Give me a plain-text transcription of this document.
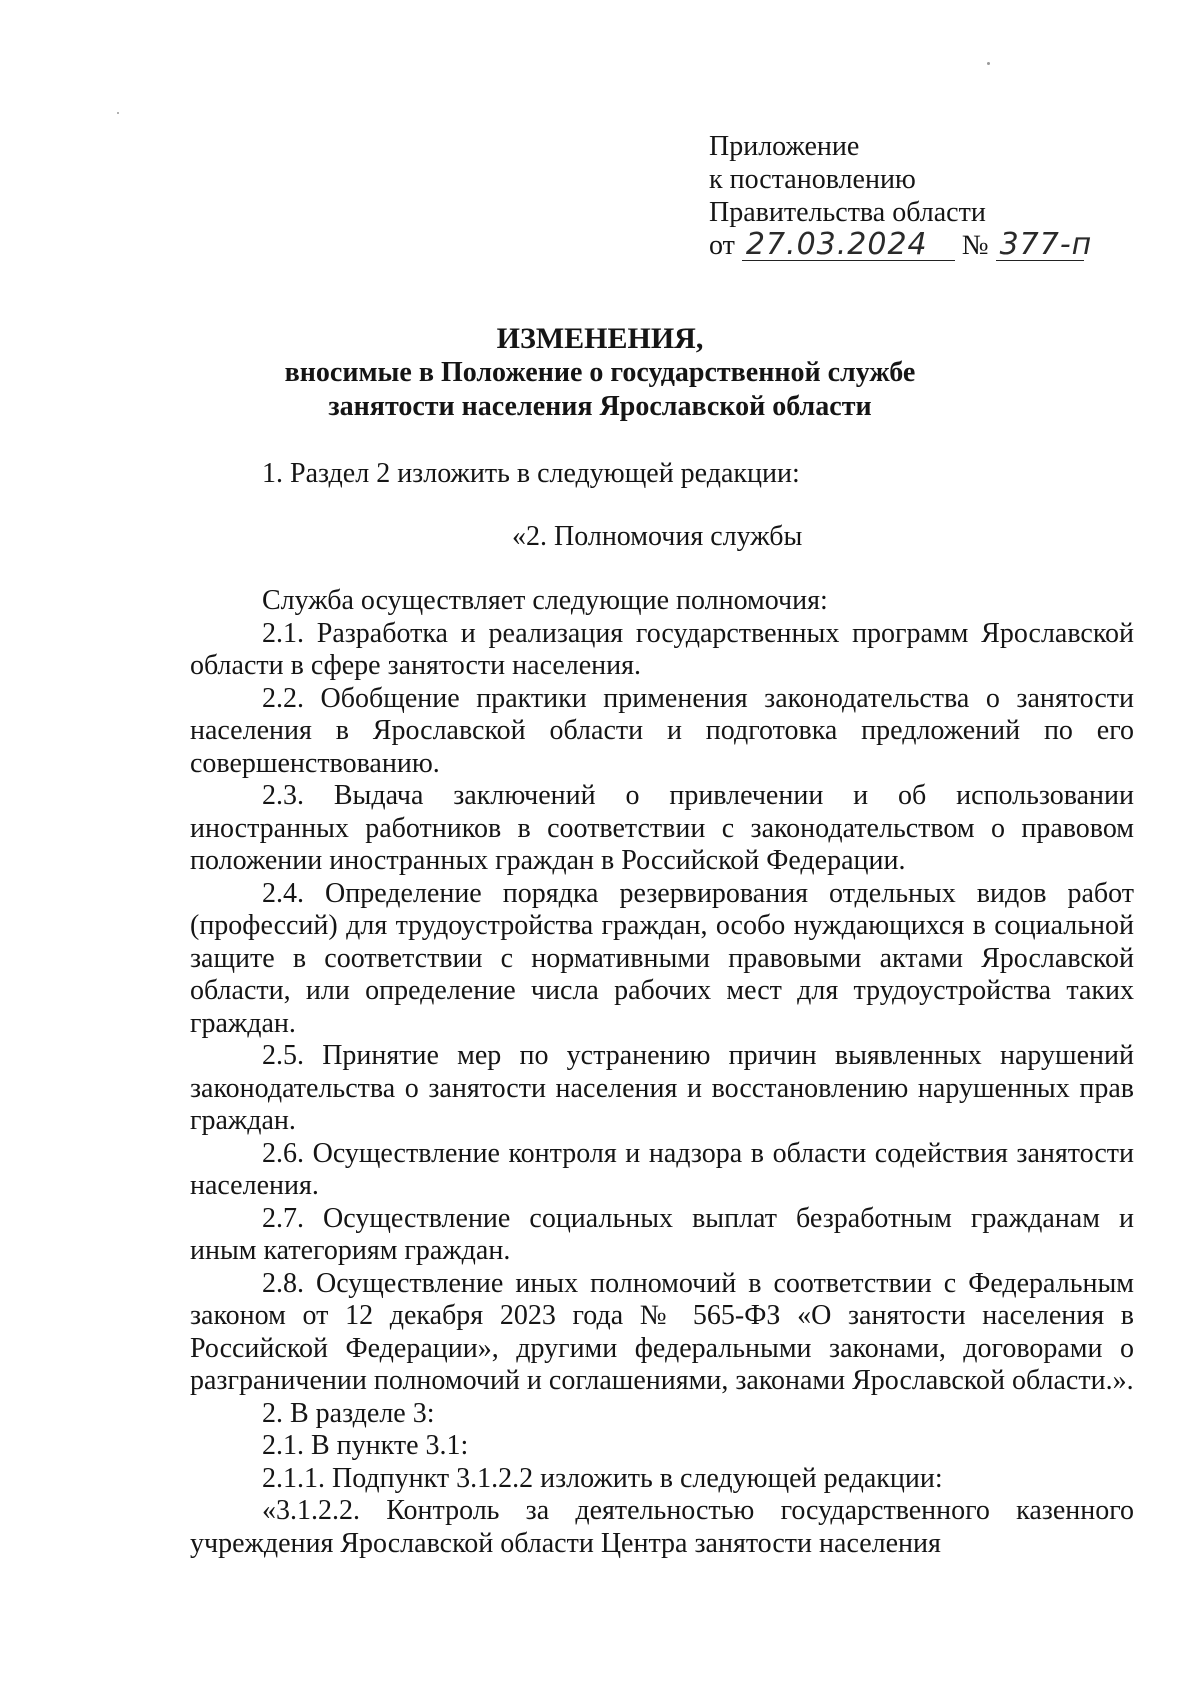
Приложение
к постановлению
Правительства области
от 27.03.2024 № 377-п
ИЗМЕНЕНИЯ,
вносимые в Положение о государственной службе
занятости населения Ярославской области

1. Раздел 2 изложить в следующей редакции:

«2. Полномочия службы

Служба осуществляет следующие полномочия:

2.1. Разработка и реализация государственных программ Ярославской области в сфере занятости населения.

2.2. Обобщение практики применения законодательства о занятости населения в Ярославской области и подготовка предложений по его совершенствованию.

2.3. Выдача заключений о привлечении и об использовании иностранных работников в соответствии с законодательством о правовом положении иностранных граждан в Российской Федерации.

2.4. Определение порядка резервирования отдельных видов работ (профессий) для трудоустройства граждан, особо нуждающихся в социальной защите в соответствии с нормативными правовыми актами Ярославской области, или определение числа рабочих мест для трудоустройства таких граждан.

2.5. Принятие мер по устранению причин выявленных нарушений законодательства о занятости населения и восстановлению нарушенных прав граждан.

2.6. Осуществление контроля и надзора в области содействия занятости населения.

2.7. Осуществление социальных выплат безработным гражданам и иным категориям граждан.

2.8. Осуществление иных полномочий в соответствии с Федеральным законом от 12 декабря 2023 года № 565-ФЗ «О занятости населения в Российской Федерации», другими федеральными законами, договорами о разграничении полномочий и соглашениями, законами Ярославской области.».

2. В разделе 3:

2.1. В пункте 3.1:

2.1.1. Подпункт 3.1.2.2 изложить в следующей редакции:

«3.1.2.2. Контроль за деятельностью государственного казенного учреждения Ярославской области Центра занятости населения
